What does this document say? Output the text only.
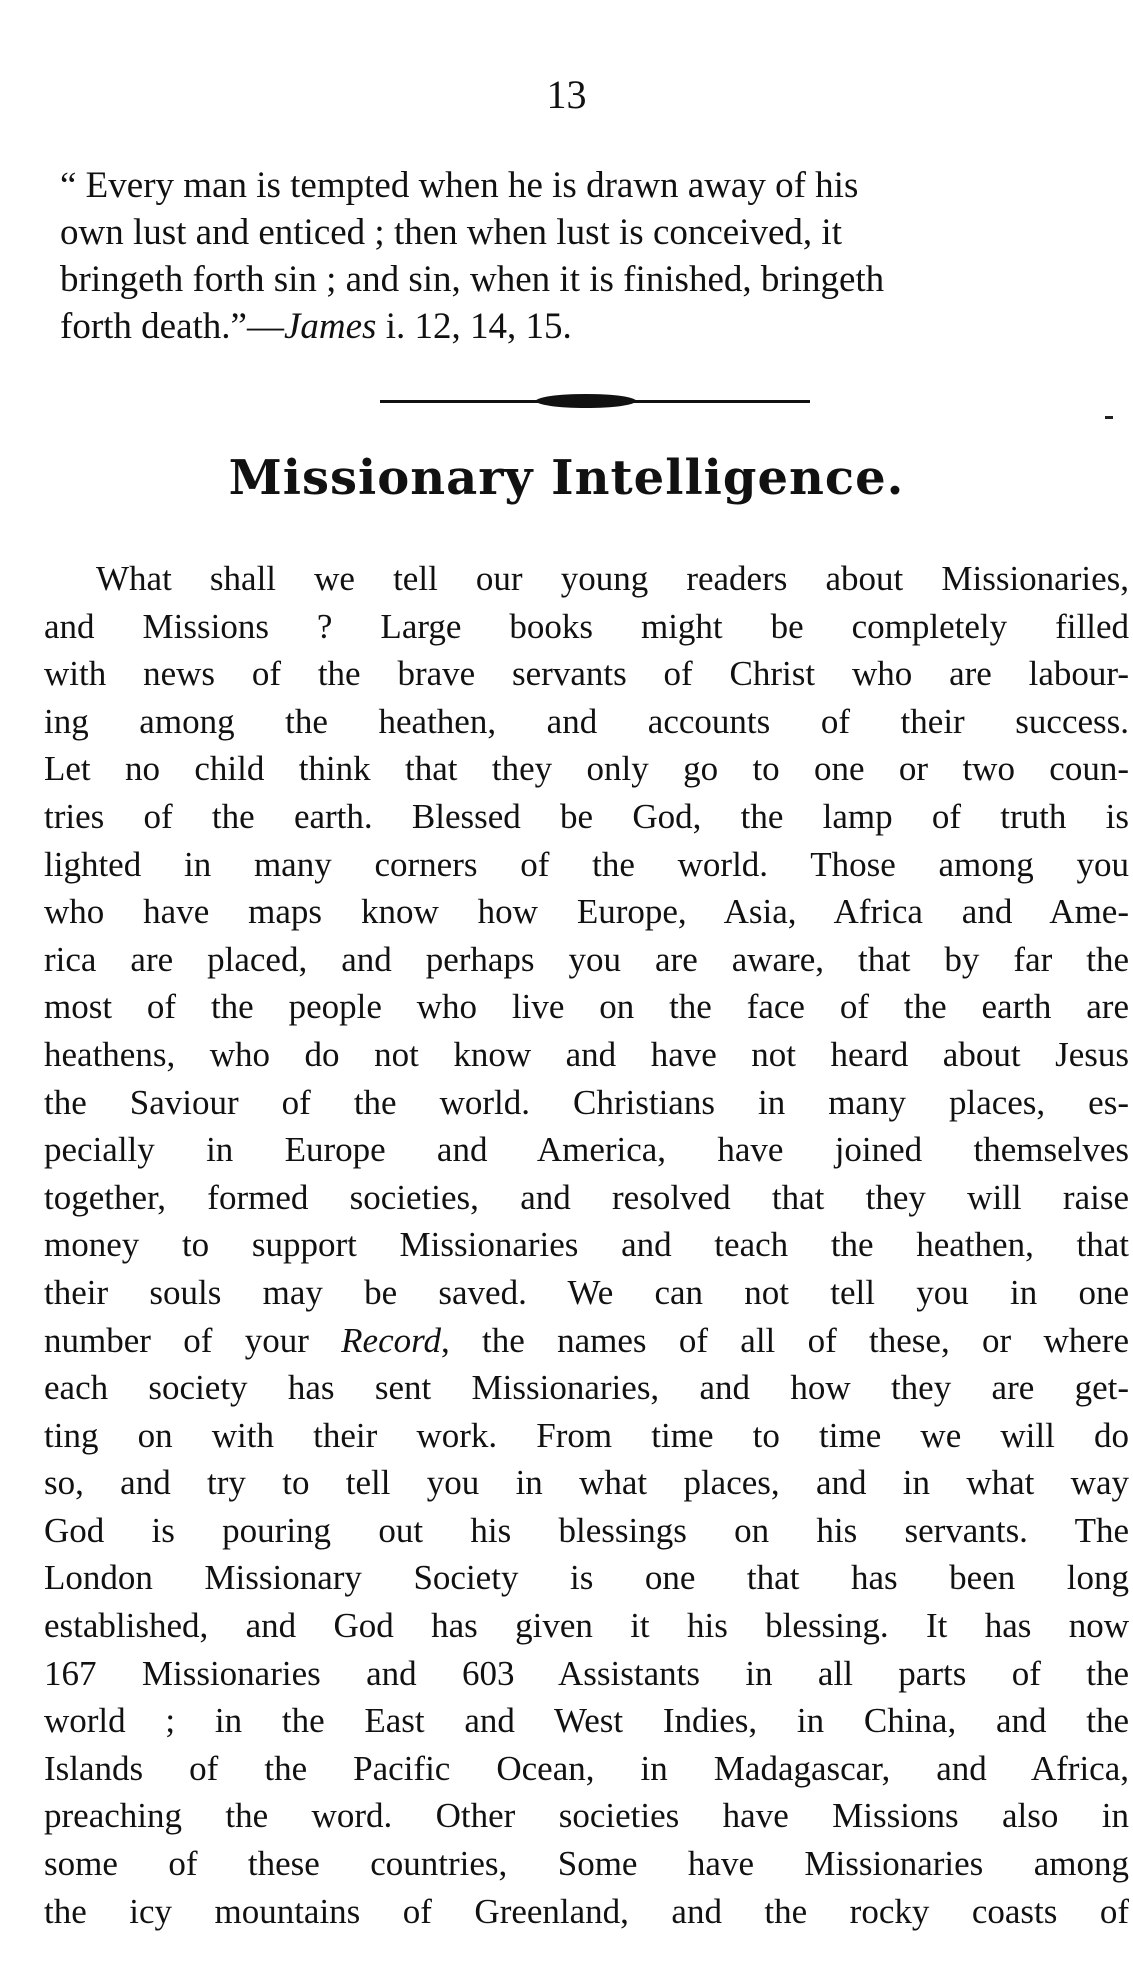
13
“ Every man is tempted when he is drawn away of his
own lust and enticed ; then when lust is conceived, it
bringeth forth sin ; and sin, when it is finished, bringeth
forth death.”—James i. 12, 14, 15.
Missionary Intelligence.
What shall we tell our young readers about Missionaries,
and Missions ? Large books might be completely filled
with news of the brave servants of Christ who are labour-
ing among the heathen, and accounts of their success.
Let no child think that they only go to one or two coun-
tries of the earth. Blessed be God, the lamp of truth is
lighted in many corners of the world. Those among you
who have maps know how Europe, Asia, Africa and Ame-
rica are placed, and perhaps you are aware, that by far the
most of the people who live on the face of the earth are
heathens, who do not know and have not heard about Jesus
the Saviour of the world. Christians in many places, es-
pecially in Europe and America, have joined themselves
together, formed societies, and resolved that they will raise
money to support Missionaries and teach the heathen, that
their souls may be saved. We can not tell you in one
number of your Record, the names of all of these, or where
each society has sent Missionaries, and how they are get-
ting on with their work. From time to time we will do
so, and try to tell you in what places, and in what way
God is pouring out his blessings on his servants. The
London Missionary Society is one that has been long
established, and God has given it his blessing. It has now
167 Missionaries and 603 Assistants in all parts of the
world ; in the East and West Indies, in China, and the
Islands of the Pacific Ocean, in Madagascar, and Africa,
preaching the word. Other societies have Missions also in
some of these countries, Some have Missionaries among
the icy mountains of Greenland, and the rocky coasts of
